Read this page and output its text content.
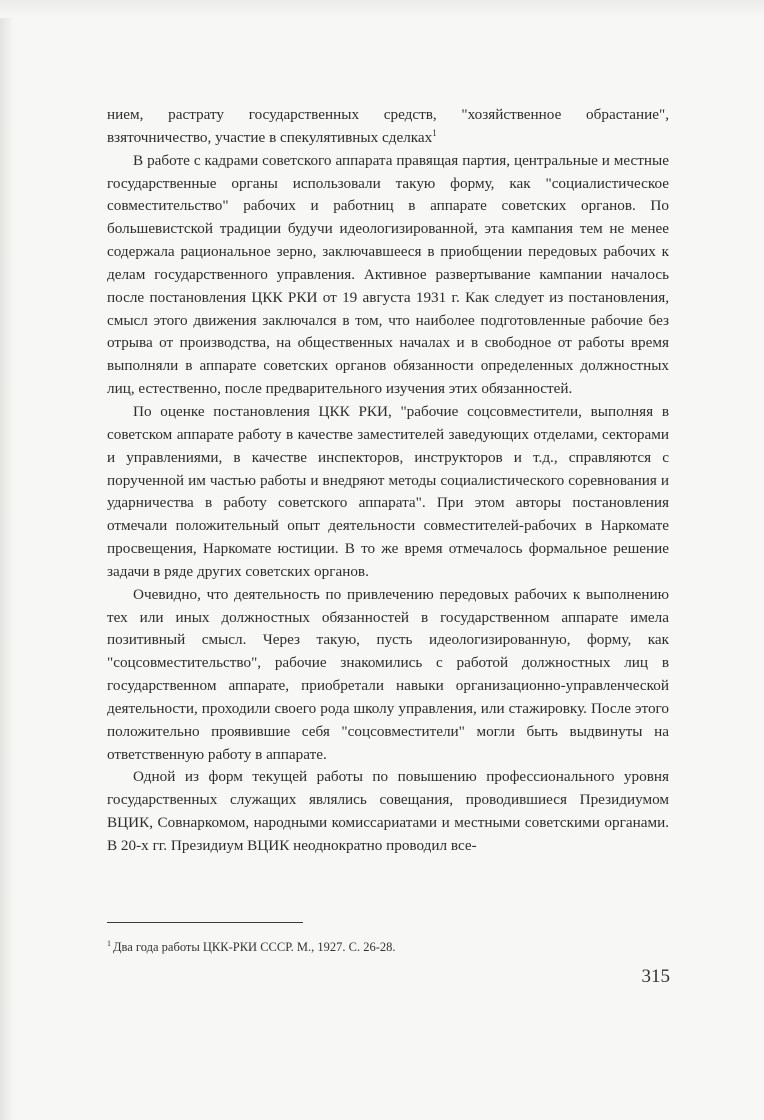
нием, растрату государственных средств, "хозяйственное обрастание", взяточничество, участие в спекулятивных сделках$^1$

В работе с кадрами советского аппарата правящая партия, центральные и местные государственные органы использовали такую форму, как "социалистическое совместительство" рабочих и работниц в аппарате советских органов. По большевистской традиции будучи идеологизированной, эта кампания тем не менее содержала рациональное зерно, заключавшееся в приобщении передовых рабочих к делам государственного управления. Активное развертывание кампании началось после постановления ЦКК РКИ от 19 августа 1931 г. Как следует из постановления, смысл этого движения заключался в том, что наиболее подготовленные рабочие без отрыва от производства, на общественных началах и в свободное от работы время выполняли в аппарате советских органов обязанности определенных должностных лиц, естественно, после предварительного изучения этих обязанностей.

По оценке постановления ЦКК РКИ, "рабочие соцсовместители, выполняя в советском аппарате работу в качестве заместителей заведующих отделами, секторами и управлениями, в качестве инспекторов, инструкторов и т.д., справляются с порученной им частью работы и внедряют методы социалистического соревнования и ударничества в работу советского аппарата". При этом авторы постановления отмечали положительный опыт деятельности совместителей-рабочих в Наркомате просвещения, Наркомате юстиции. В то же время отмечалось формальное решение задачи в ряде других советских органов.

Очевидно, что деятельность по привлечению передовых рабочих к выполнению тех или иных должностных обязанностей в государственном аппарате имела позитивный смысл. Через такую, пусть идеологизированную, форму, как "соцсовместительство", рабочие знакомились с работой должностных лиц в государственном аппарате, приобретали навыки организационно-управленческой деятельности, проходили своего рода школу управления, или стажировку. После этого положительно проявившие себя "соцсовместители" могли быть выдвинуты на ответственную работу в аппарате.

Одной из форм текущей работы по повышению профессионального уровня государственных служащих являлись совещания, проводившиеся Президиумом ВЦИК, Совнаркомом, народными комиссариатами и местными советскими органами. В 20-х гг. Президиум ВЦИК неоднократно проводил все-

$^1$ Два года работы ЦКК-РКИ СССР. М., 1927. С. 26-28.
315
